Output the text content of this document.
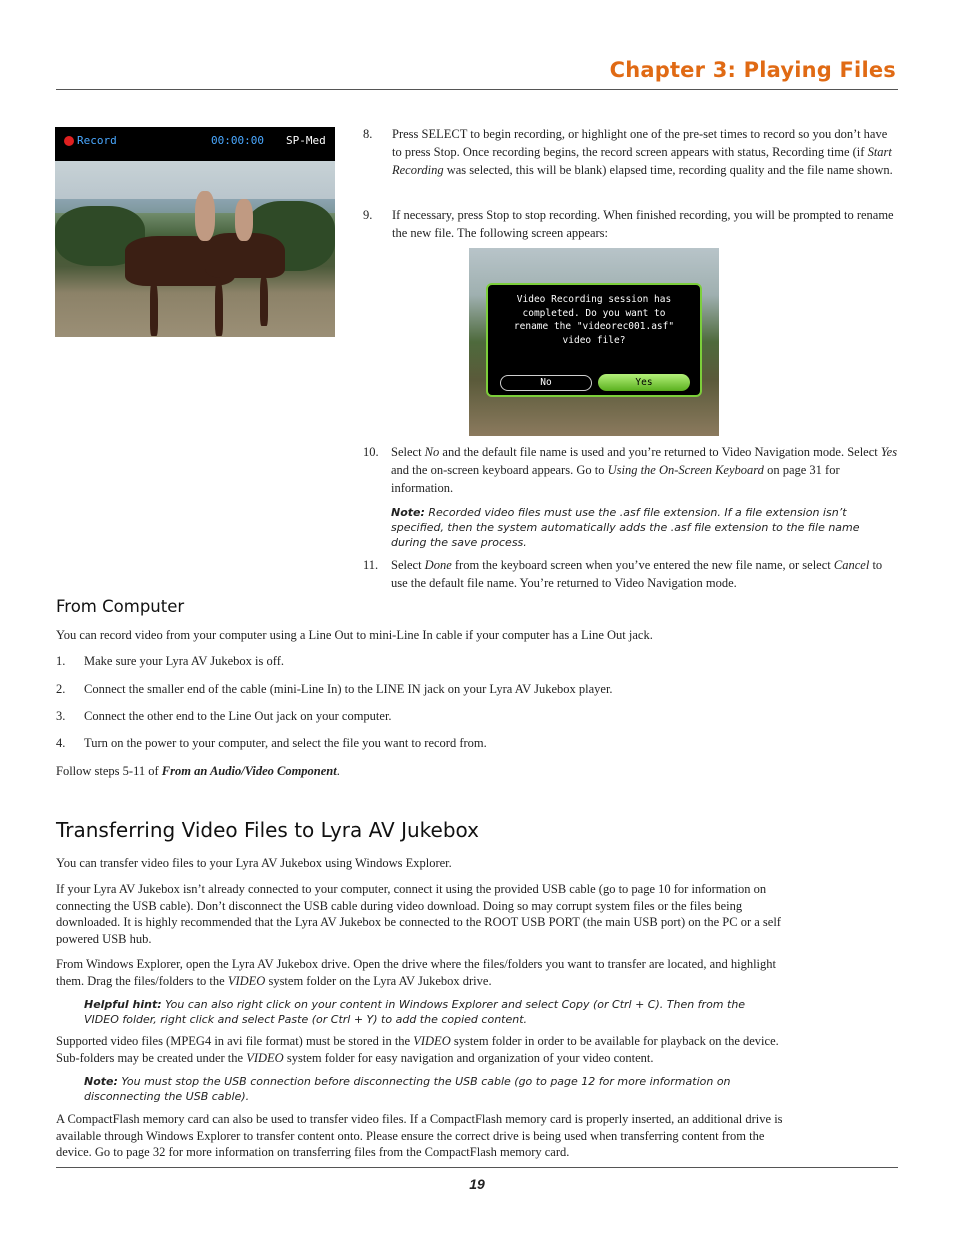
Chapter 3: Playing Files
Record	00:00:00 SP-Med	8. Press SELECT to begin recording, or highlight one of the pre-set times to record so you don’t have to press Stop. Once recording begins, the record screen appears with status, Recording time (if Start Recording was selected, this will be blank) elapsed time, recording quality and the file name shown.
9. If necessary, press Stop to stop recording. When finished recording, you will be prompted to rename the new file. The following screen appears:
Video Recording session has
completed. Do you want to
rename the "videorec001.asf"
video file?
No	Yes
10. Select No and the default file name is used and you’re returned to Video Navigation mode. Select Yes and the on-screen keyboard appears. Go to Using the On-Screen Keyboard on page 31 for information.
Note: Recorded video files must use the .asf file extension. If a file extension isn’t specified, then the system automatically adds the .asf file extension to the file name during the save process.
11. Select Done from the keyboard screen when you’ve entered the new file name, or select Cancel to use the default file name. You’re returned to Video Navigation mode.
From Computer
You can record video from your computer using a Line Out to mini-Line In cable if your computer has a Line Out jack.
1. Make sure your Lyra AV Jukebox is off.
2. Connect the smaller end of the cable (mini-Line In) to the LINE IN jack on your Lyra AV Jukebox player.
3. Connect the other end to the Line Out jack on your computer.
4. Turn on the power to your computer, and select the file you want to record from.
Follow steps 5-11 of From an Audio/Video Component.
Transferring Video Files to Lyra AV Jukebox
You can transfer video files to your Lyra AV Jukebox using Windows Explorer.
If your Lyra AV Jukebox isn’t already connected to your computer, connect it using the provided USB cable (go to page 10 for information on connecting the USB cable). Don’t disconnect the USB cable during video download. Doing so may corrupt system files or the files being downloaded. It is highly recommended that the Lyra AV Jukebox be connected to the ROOT USB PORT (the main USB port) on the PC or a self powered USB hub.
From Windows Explorer, open the Lyra AV Jukebox drive. Open the drive where the files/folders you want to transfer are located, and highlight them. Drag the files/folders to the VIDEO system folder on the Lyra AV Jukebox drive.
Helpful hint: You can also right click on your content in Windows Explorer and select Copy (or Ctrl + C). Then from the VIDEO folder, right click and select Paste (or Ctrl + Y) to add the copied content.
Supported video files (MPEG4 in avi file format) must be stored in the VIDEO system folder in order to be available for playback on the device. Sub-folders may be created under the VIDEO system folder for easy navigation and organization of your video content.
Note: You must stop the USB connection before disconnecting the USB cable (go to page 12 for more information on disconnecting the USB cable).
A CompactFlash memory card can also be used to transfer video files. If a CompactFlash memory card is properly inserted, an additional drive is available through Windows Explorer to transfer content onto. Please ensure the correct drive is being used when transferring content from the device. Go to page 32 for more information on transferring files from the CompactFlash memory card.
19
